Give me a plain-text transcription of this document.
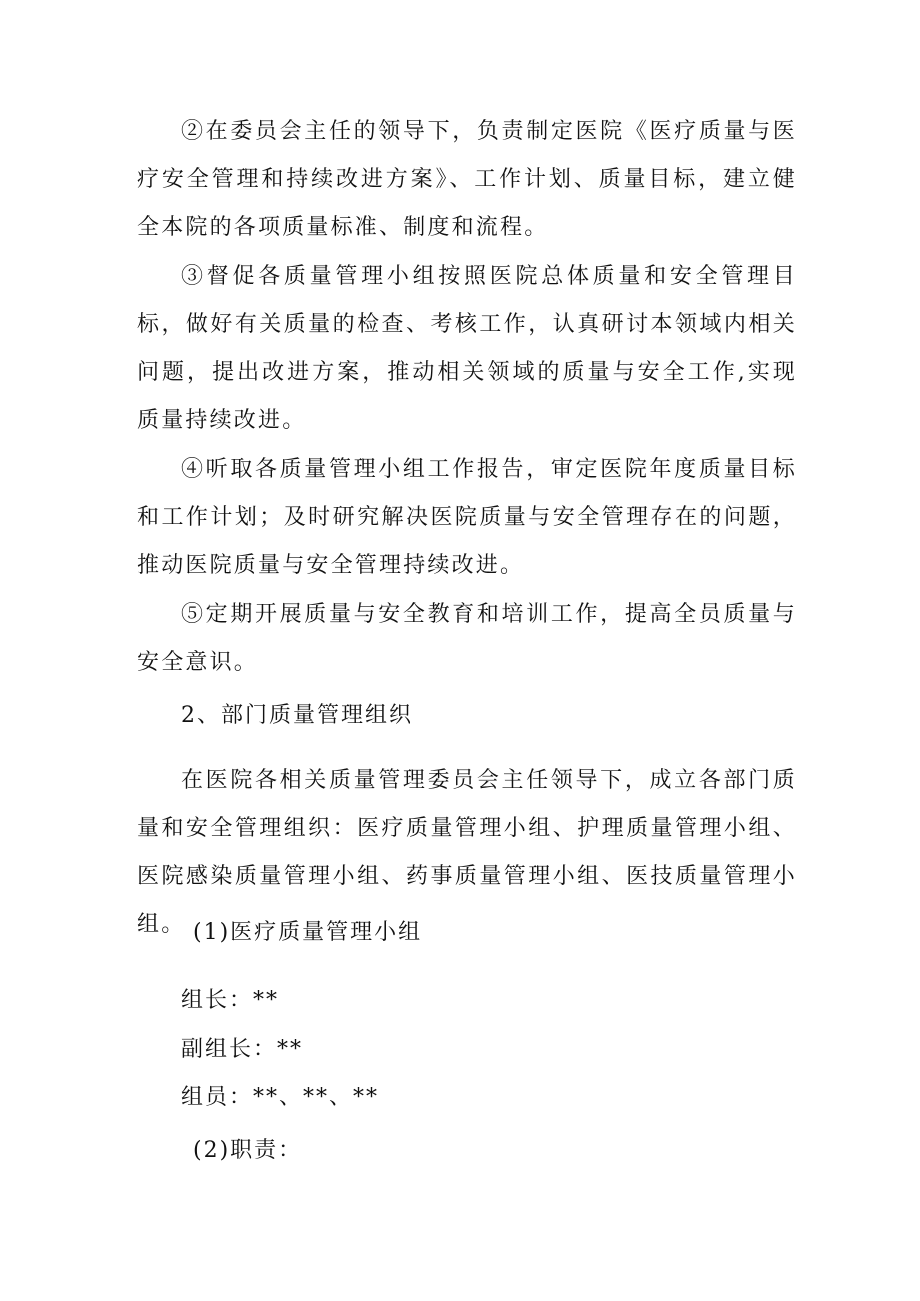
②在委员会主任的领导下，负责制定医院《医疗质量与医疗安全管理和持续改进方案》、工作计划、质量目标，建立健全本院的各项质量标准、制度和流程。

③督促各质量管理小组按照医院总体质量和安全管理目标，做好有关质量的检查、考核工作，认真研讨本领域内相关问题，提出改进方案，推动相关领域的质量与安全工作,实现质量持续改进。

④听取各质量管理小组工作报告，审定医院年度质量目标和工作计划；及时研究解决医院质量与安全管理存在的问题，推动医院质量与安全管理持续改进。

⑤定期开展质量与安全教育和培训工作，提高全员质量与安全意识。

2、部门质量管理组织

在医院各相关质量管理委员会主任领导下，成立各部门质量和安全管理组织：医疗质量管理小组、护理质量管理小组、医院感染质量管理小组、药事质量管理小组、医技质量管理小组。 (1)医疗质量管理小组

组长：**

副组长：**

组员：**、**、**

(2)职责：
